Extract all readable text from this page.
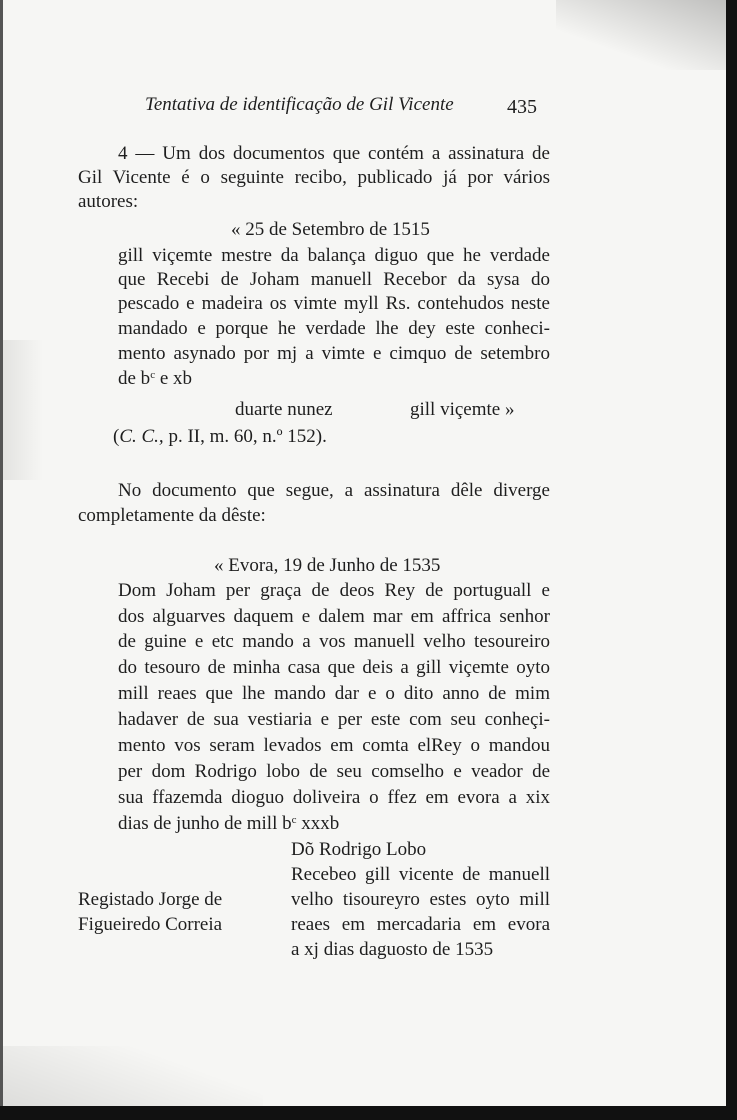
Tentativa de identificação de Gil Vicente	435
4 — Um dos documentos que contém a assinatura de
Gil Vicente é o seguinte recibo, publicado já por vários
autores:
« 25 de Setembro de 1515
gill viçemte mestre da balança diguo que he verdade
que Recebi de Joham manuell Recebor da sysa do
pescado e madeira os vimte myll Rs. contehudos neste
mandado e porque he verdade lhe dey este conheci-
mento asynado por mj a vimte e cimquo de setembro
de $b^c$ e xb
duarte nunez	gill viçemte »
(C. C., p. II, m. 60, n.º 152).
No documento que segue, a assinatura dêle diverge
completamente da dêste:
« Evora, 19 de Junho de 1535
Dom Joham per graça de deos Rey de portuguall e
dos alguarves daquem e dalem mar em affrica senhor
de guine e etc mando a vos manuell velho tesoureiro
do tesouro de minha casa que deis a gill viçemte oyto
mill reaes que lhe mando dar e o dito anno de mim
hadaver de sua vestiaria e per este com seu conheçi-
mento vos seram levados em comta elRey o mandou
per dom Rodrigo lobo de seu comselho e veador de
sua ffazemda dioguo doliveira o ffez em evora a xix
dias de junho de mill $b^c$ xxxb
Dõ Rodrigo Lobo
Recebeo gill vicente de manuell
velho tisoureyro estes oyto mill
reaes em mercadaria em evora
a xj dias daguosto de 1535
Registado Jorge de
Figueiredo Correia
